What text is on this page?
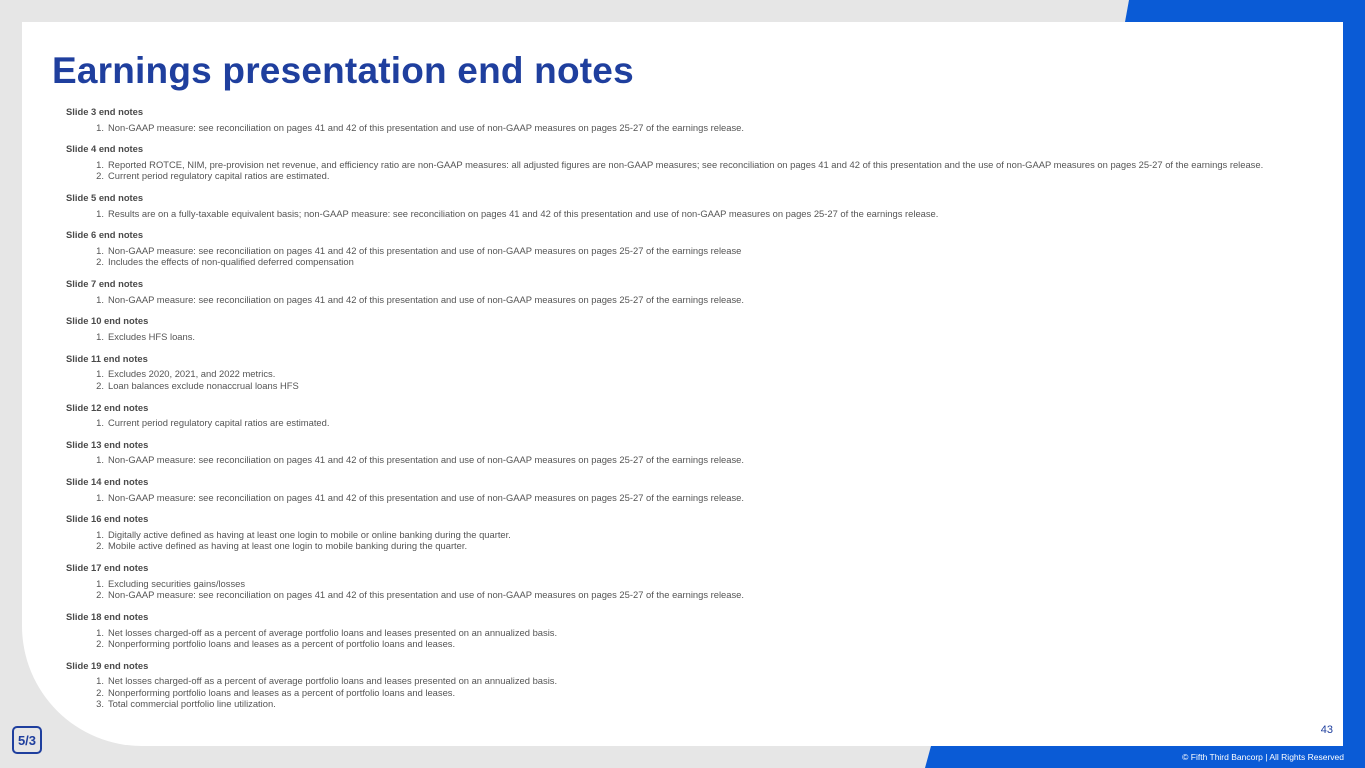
Earnings presentation end notes
Slide 3 end notes
1. Non-GAAP measure: see reconciliation on pages 41 and 42 of this presentation and use of non-GAAP measures on pages 25-27 of the earnings release.
Slide 4 end notes
1. Reported ROTCE, NIM, pre-provision net revenue, and efficiency ratio are non-GAAP measures: all adjusted figures are non-GAAP measures; see reconciliation on pages 41 and 42 of this presentation and the use of non-GAAP measures on pages 25-27 of the earnings release.
2. Current period regulatory capital ratios are estimated.
Slide 5 end notes
1. Results are on a fully-taxable equivalent basis; non-GAAP measure: see reconciliation on pages 41 and 42 of this presentation and use of non-GAAP measures on pages 25-27 of the earnings release.
Slide 6 end notes
1. Non-GAAP measure: see reconciliation on pages 41 and 42 of this presentation and use of non-GAAP measures on pages 25-27 of the earnings release
2. Includes the effects of non-qualified deferred compensation
Slide 7 end notes
1. Non-GAAP measure: see reconciliation on pages 41 and 42 of this presentation and use of non-GAAP measures on pages 25-27 of the earnings release.
Slide 10 end notes
1. Excludes HFS loans.
Slide 11 end notes
1. Excludes 2020, 2021, and 2022 metrics.
2. Loan balances exclude nonaccrual loans HFS
Slide 12 end notes
1. Current period regulatory capital ratios are estimated.
Slide 13 end notes
1. Non-GAAP measure: see reconciliation on pages 41 and 42 of this presentation and use of non-GAAP measures on pages 25-27 of the earnings release.
Slide 14 end notes
1. Non-GAAP measure: see reconciliation on pages 41 and 42 of this presentation and use of non-GAAP measures on pages 25-27 of the earnings release.
Slide 16 end notes
1. Digitally active defined as having at least one login to mobile or online banking during the quarter.
2. Mobile active defined as having at least one login to mobile banking during the quarter.
Slide 17 end notes
1. Excluding securities gains/losses
2. Non-GAAP measure: see reconciliation on pages 41 and 42 of this presentation and use of non-GAAP measures on pages 25-27 of the earnings release.
Slide 18 end notes
1. Net losses charged-off as a percent of average portfolio loans and leases presented on an annualized basis.
2. Nonperforming portfolio loans and leases as a percent of portfolio loans and leases.
Slide 19 end notes
1. Net losses charged-off as a percent of average portfolio loans and leases presented on an annualized basis.
2. Nonperforming portfolio loans and leases as a percent of portfolio loans and leases.
3. Total commercial portfolio line utilization.
43
5/3
© Fifth Third Bancorp | All Rights Reserved
